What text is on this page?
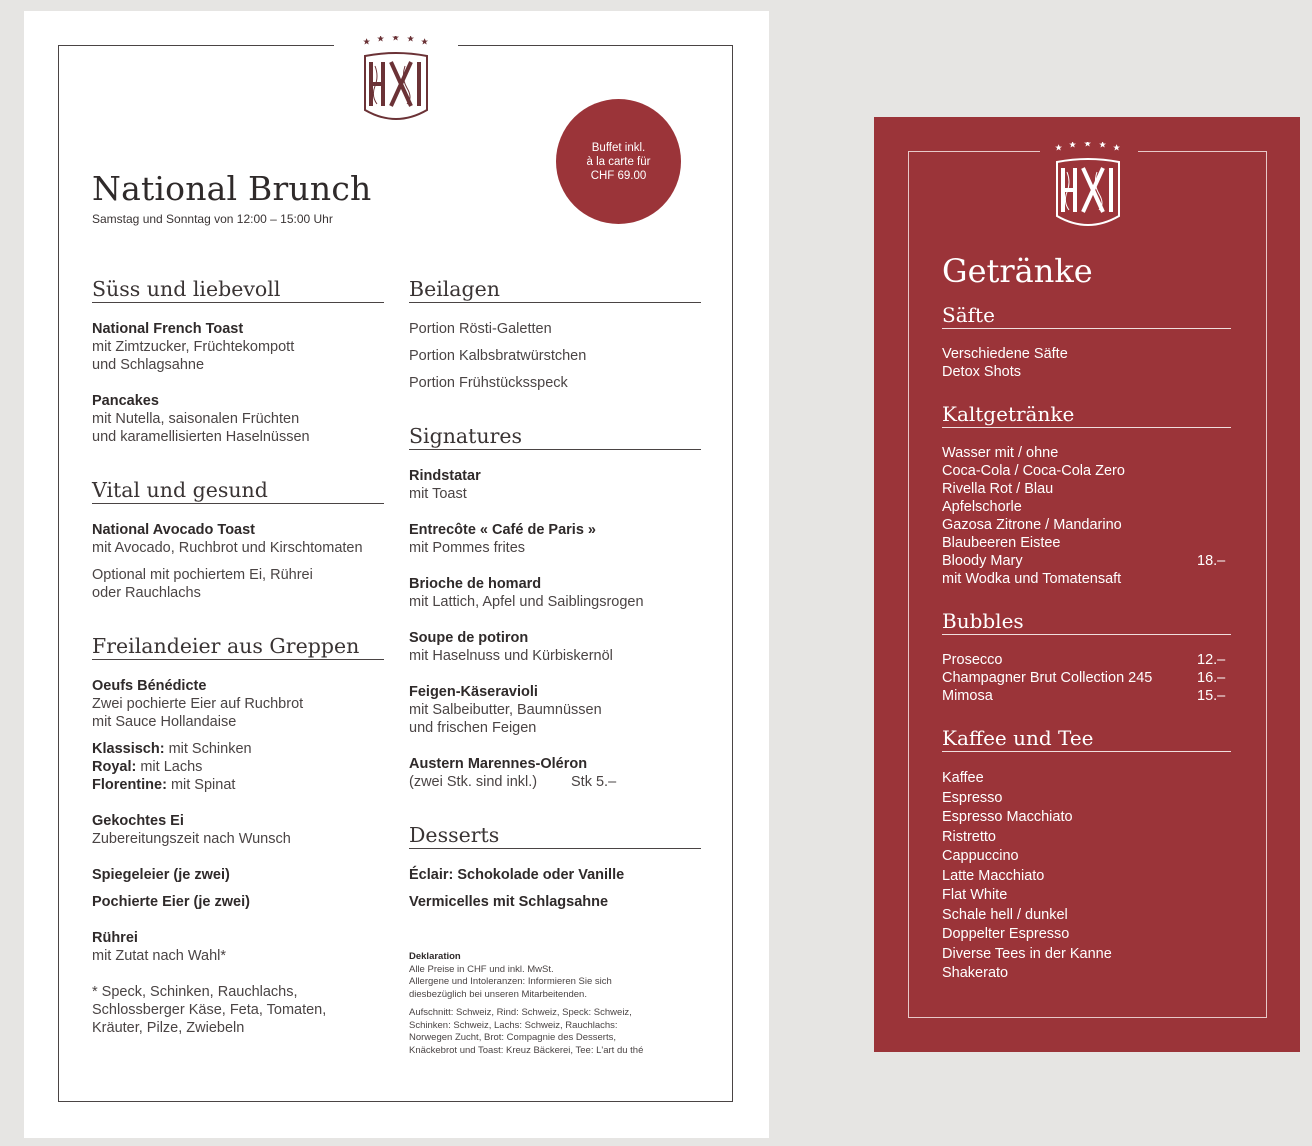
Buffet inkl.
à la carte für
CHF 69.00
National Brunch
Samstag und Sonntag von 12:00 – 15:00 Uhr
Süss und liebevoll
National French Toast
mit Zimtzucker, Früchtekompott
und Schlagsahne
Pancakes
mit Nutella, saisonalen Früchten
und karamellisierten Haselnüssen
Vital und gesund
National Avocado Toast
mit Avocado, Ruchbrot und Kirschtomaten
Optional mit pochiertem Ei, Rührei
oder Rauchlachs
Freilandeier aus Greppen
Oeufs Bénédicte
Zwei pochierte Eier auf Ruchbrot
mit Sauce Hollandaise
Klassisch: mit Schinken
Royal: mit Lachs
Florentine: mit Spinat
Gekochtes Ei
Zubereitungszeit nach Wunsch
Spiegeleier (je zwei)
Pochierte Eier (je zwei)
Rührei
mit Zutat nach Wahl*
* Speck, Schinken, Rauchlachs,
Schlossberger Käse, Feta, Tomaten,
Kräuter, Pilze, Zwiebeln
Beilagen
Portion Rösti-Galetten
Portion Kalbsbratwürstchen
Portion Frühstücksspeck
Signatures
Rindstatar
mit Toast
Entrecôte « Café de Paris »
mit Pommes frites
Brioche de homard
mit Lattich, Apfel und Saiblingsrogen
Soupe de potiron
mit Haselnuss und Kürbiskernöl
Feigen-Käseravioli
mit Salbeibutter, Baumnüssen
und frischen Feigen
Austern Marennes-Oléron
(zwei Stk. sind inkl.) Stk 5.–
Desserts
Éclair: Schokolade oder Vanille
Vermicelles mit Schlagsahne
Deklaration
Alle Preise in CHF und inkl. MwSt.
Allergene und Intoleranzen: Informieren Sie sich
diesbezüglich bei unseren Mitarbeitenden.
Aufschnitt: Schweiz, Rind: Schweiz, Speck: Schweiz,
Schinken: Schweiz, Lachs: Schweiz, Rauchlachs:
Norwegen Zucht, Brot: Compagnie des Desserts,
Knäckebrot und Toast: Kreuz Bäckerei, Tee: L'art du thé
Getränke
Säfte
Verschiedene Säfte
Detox Shots
Kaltgetränke
Wasser mit / ohne
Coca-Cola / Coca-Cola Zero
Rivella Rot / Blau
Apfelschorle
Gazosa Zitrone / Mandarino
Blaubeeren Eistee
Bloody Mary	18.–
mit Wodka und Tomatensaft
Bubbles
Prosecco	12.–
Champagner Brut Collection 245	16.–
Mimosa	15.–
Kaffee und Tee
Kaffee
Espresso
Espresso Macchiato
Ristretto
Cappuccino
Latte Macchiato
Flat White
Schale hell / dunkel
Doppelter Espresso
Diverse Tees in der Kanne
Shakerato
